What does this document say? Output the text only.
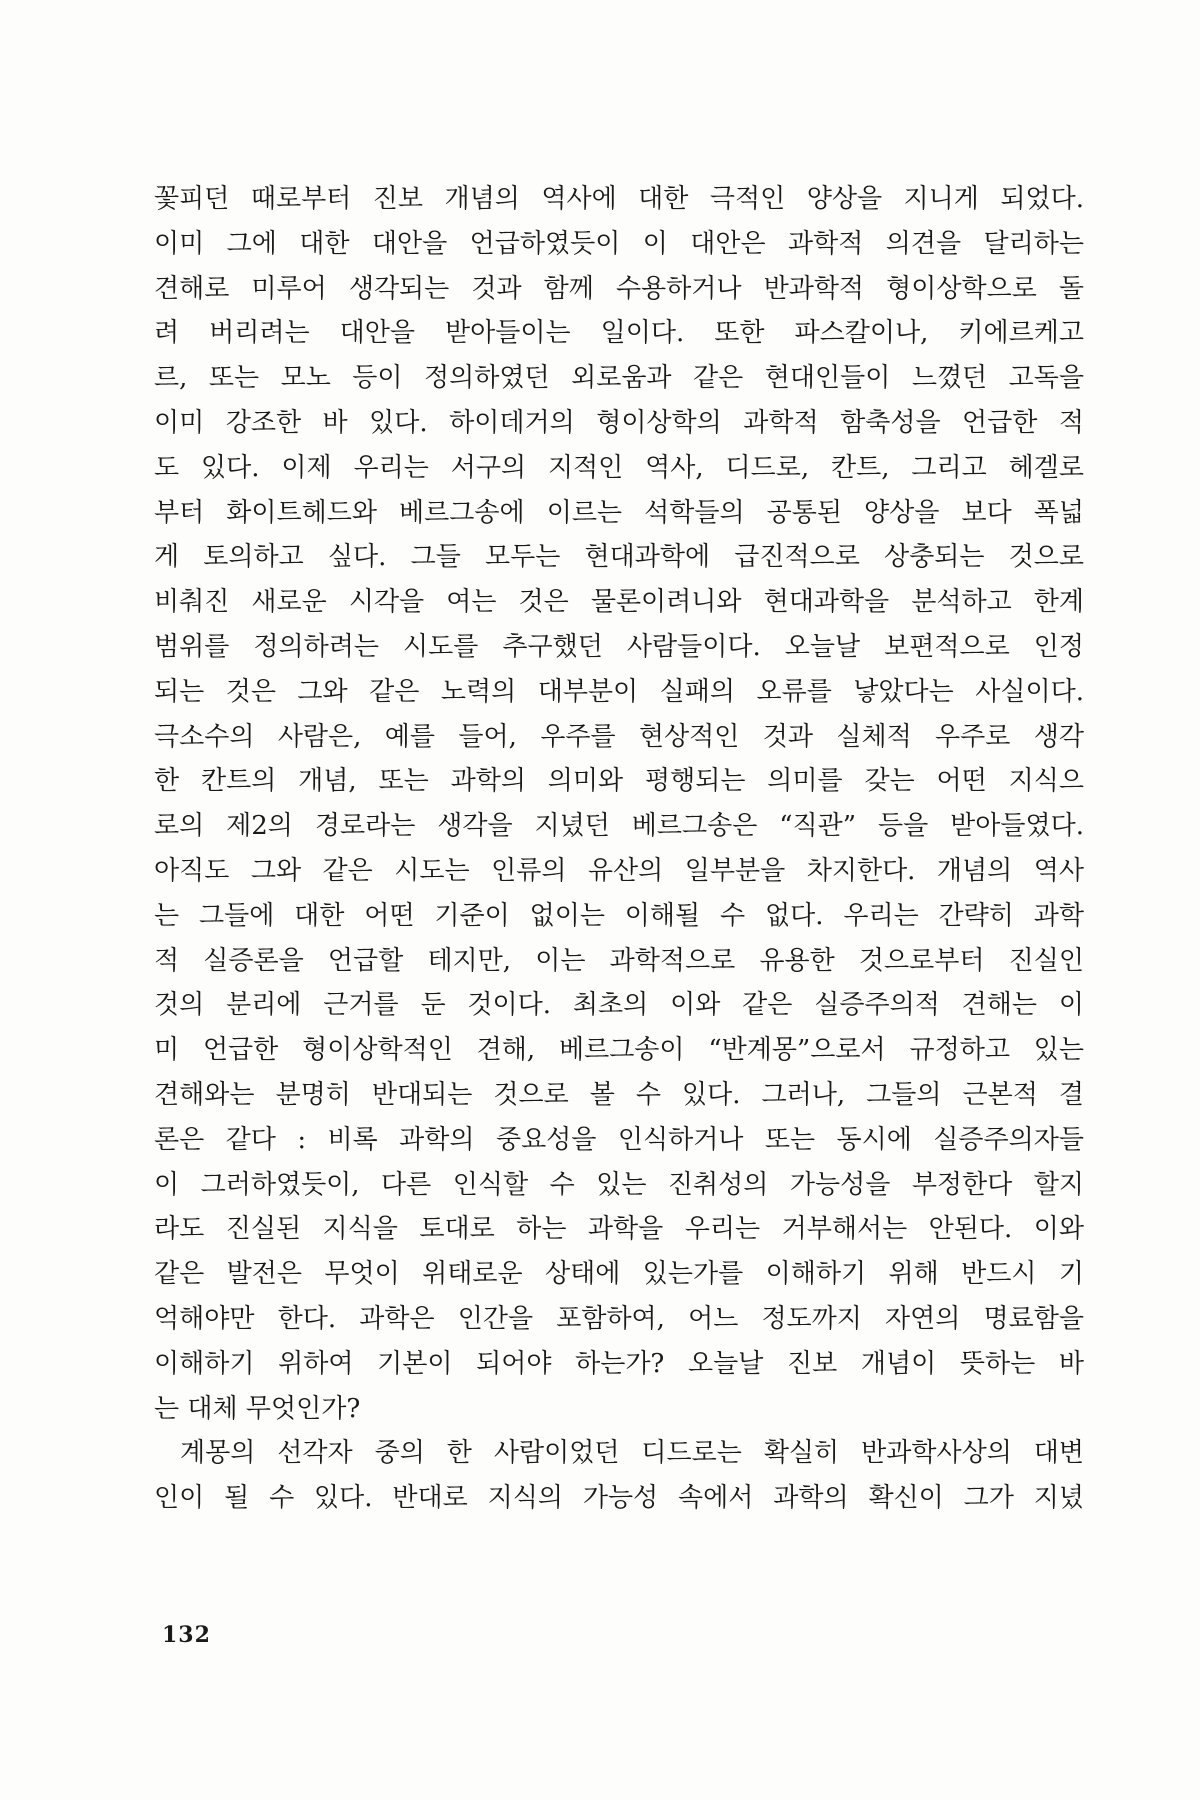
꽃피던 때로부터 진보 개념의 역사에 대한 극적인 양상을 지니게 되었다.
이미 그에 대한 대안을 언급하였듯이 이 대안은 과학적 의견을 달리하는
견해로 미루어 생각되는 것과 함께 수용하거나 반과학적 형이상학으로 돌
려 버리려는 대안을 받아들이는 일이다. 또한 파스칼이나, 키에르케고
르, 또는 모노 등이 정의하였던 외로움과 같은 현대인들이 느꼈던 고독을
이미 강조한 바 있다. 하이데거의 형이상학의 과학적 함축성을 언급한 적
도 있다. 이제 우리는 서구의 지적인 역사, 디드로, 칸트, 그리고 헤겔로
부터 화이트헤드와 베르그송에 이르는 석학들의 공통된 양상을 보다 폭넓
게 토의하고 싶다. 그들 모두는 현대과학에 급진적으로 상충되는 것으로
비춰진 새로운 시각을 여는 것은 물론이려니와 현대과학을 분석하고 한계
범위를 정의하려는 시도를 추구했던 사람들이다. 오늘날 보편적으로 인정
되는 것은 그와 같은 노력의 대부분이 실패의 오류를 낳았다는 사실이다.
극소수의 사람은, 예를 들어, 우주를 현상적인 것과 실체적 우주로 생각
한 칸트의 개념, 또는 과학의 의미와 평행되는 의미를 갖는 어떤 지식으
로의 제2의 경로라는 생각을 지녔던 베르그송은 “직관” 등을 받아들였다.
아직도 그와 같은 시도는 인류의 유산의 일부분을 차지한다. 개념의 역사
는 그들에 대한 어떤 기준이 없이는 이해될 수 없다. 우리는 간략히 과학
적 실증론을 언급할 테지만, 이는 과학적으로 유용한 것으로부터 진실인
것의 분리에 근거를 둔 것이다. 최초의 이와 같은 실증주의적 견해는 이
미 언급한 형이상학적인 견해, 베르그송이 “반계몽”으로서 규정하고 있는
견해와는 분명히 반대되는 것으로 볼 수 있다. 그러나, 그들의 근본적 결
론은 같다 : 비록 과학의 중요성을 인식하거나 또는 동시에 실증주의자들
이 그러하였듯이, 다른 인식할 수 있는 진취성의 가능성을 부정한다 할지
라도 진실된 지식을 토대로 하는 과학을 우리는 거부해서는 안된다. 이와
같은 발전은 무엇이 위태로운 상태에 있는가를 이해하기 위해 반드시 기
억해야만 한다. 과학은 인간을 포함하여, 어느 정도까지 자연의 명료함을
이해하기 위하여 기본이 되어야 하는가? 오늘날 진보 개념이 뜻하는 바
는 대체 무엇인가?
계몽의 선각자 중의 한 사람이었던 디드로는 확실히 반과학사상의 대변
인이 될 수 있다. 반대로 지식의 가능성 속에서 과학의 확신이 그가 지녔
132
